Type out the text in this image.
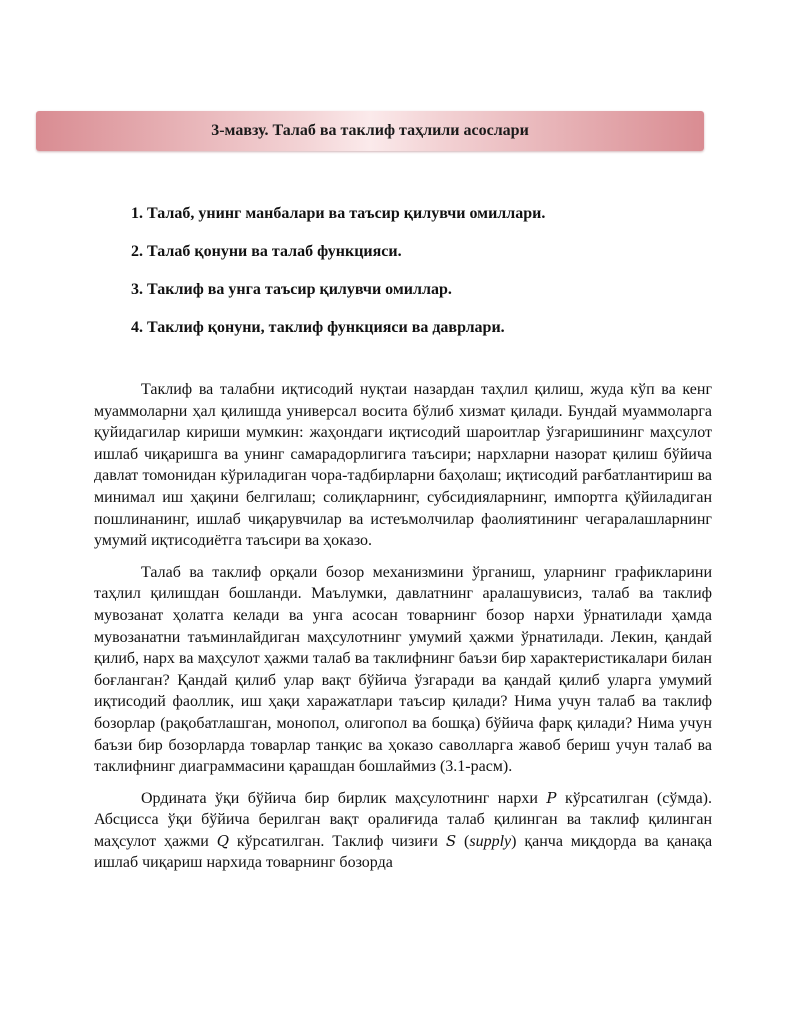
3-мавзу. Талаб ва таклиф таҳлили асослари
1. Талаб, унинг манбалари ва таъсир қилувчи омиллари.
2. Талаб қонуни ва талаб функцияси.
3. Таклиф ва унга таъсир қилувчи омиллар.
4. Таклиф қонуни, таклиф функцияси ва даврлари.

Таклиф ва талабни иқтисодий нуқтаи назардан таҳлил қилиш, жуда кўп ва кенг муаммоларни ҳал қилишда универсал восита бўлиб хизмат қилади. Бундай муаммоларга қуйидагилар кириши мумкин: жаҳондаги иқтисодий шароитлар ўзгаришининг маҳсулот ишлаб чиқаришга ва унинг самарадорлигига таъсири; нархларни назорат қилиш бўйича давлат томонидан кўриладиган чора-тадбирларни баҳолаш; иқтисодий рағбатлантириш ва минимал иш ҳақини белгилаш; солиқларнинг, субсидияларнинг, импортга қўйиладиган пошлинанинг, ишлаб чиқарувчилар ва истеъмолчилар фаолиятининг чегаралашларнинг умумий иқтисодиётга таъсири ва ҳоказо.

Талаб ва таклиф орқали бозор механизмини ўрганиш, уларнинг графикларини таҳлил қилишдан бошланди. Маълумки, давлатнинг аралашувисиз, талаб ва таклиф мувозанат ҳолатга келади ва унга асосан товарнинг бозор нархи ўрнатилади ҳамда мувозанатни таъминлайдиган маҳсулотнинг умумий ҳажми ўрнатилади. Лекин, қандай қилиб, нарх ва маҳсулот ҳажми талаб ва таклифнинг баъзи бир характеристикалари билан боғланган? Қандай қилиб улар вақт бўйича ўзгаради ва қандай қилиб уларга умумий иқтисодий фаоллик, иш ҳақи харажатлари таъсир қилади? Нима учун талаб ва таклиф бозорлар (рақобатлашган, монопол, олигопол ва бошқа) бўйича фарқ қилади? Нима учун баъзи бир бозорларда товарлар танқис ва ҳоказо саволларга жавоб бериш учун талаб ва таклифнинг диаграммасини қарашдан бошлаймиз (3.1-расм).

Ордината ўқи бўйича бир бирлик маҳсулотнинг нархи P кўрсатилган (сўмда). Абсцисса ўқи бўйича берилган вақт оралиғида талаб қилинган ва таклиф қилинган маҳсулот ҳажми Q кўрсатилган. Таклиф чизиғи S (supply) қанча миқдорда ва қанақа ишлаб чиқариш нархида товарнинг бозорда
